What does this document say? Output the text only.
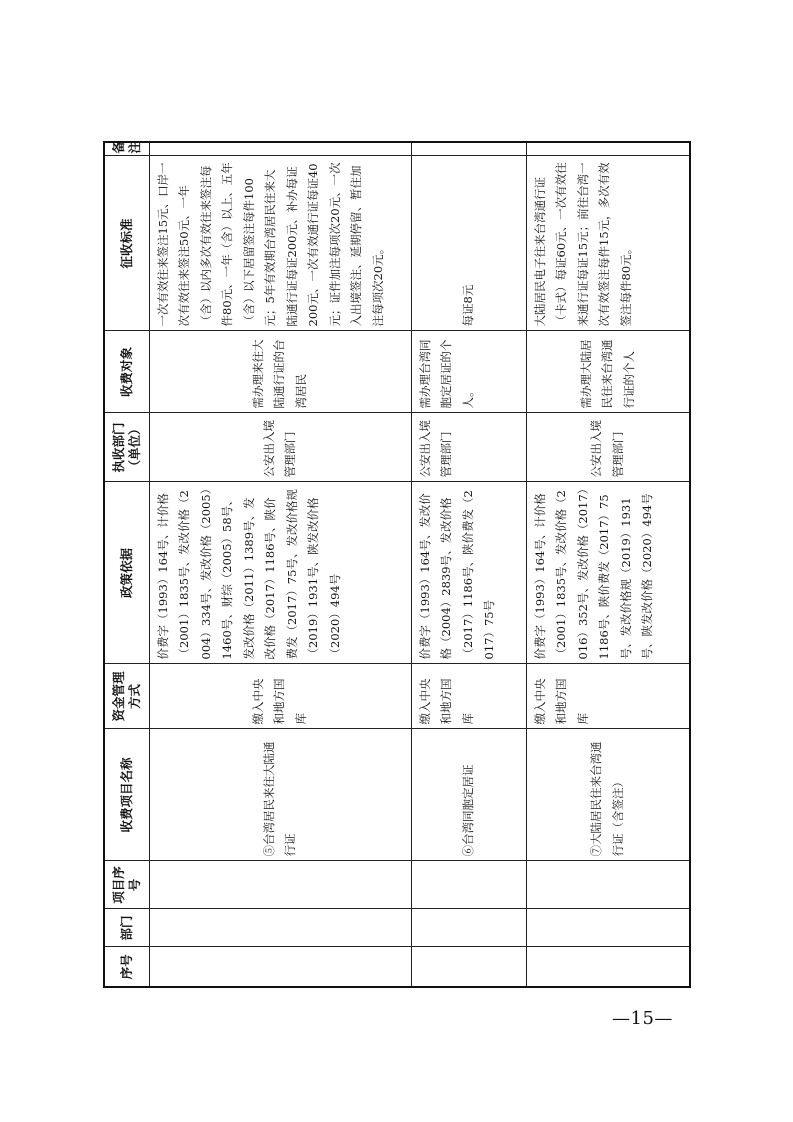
序号	部门	项目序号	收费项目名称	资金管理方式	政策依据	执收部门（单位）	收费对象	征收标准	备　注
			⑤台湾居民来往大陆通行证	缴入中央和地方国库	价费字（1993）164号、计价格（2001）1835号、发改价格（2004）334号、发改价格（2005）1460号、财综（2005）58号、发改价格（2011）1389号、发改价格（2017）1186号、陕价费发（2017）75号、发改价格规（2019）1931号、陕发改价格（2020）494号	公安出入境管理部门	需办理来往大陆通行证的台湾居民	一次有效往来签注15元、口岸一次有效往来签注50元、一年（含）以内多次有效往来签注每件80元、一年（含）以上、五年（含）以下居留签注每件100元；5年有效期台湾居民往来大陆通行证每证200元、补办每证200元、一次有效通行证每证40元；证件加注每项次20元、一次入出境签注、延期停留、暂住加注每项次20元。	
			⑥台湾同胞定居证	缴入中央和地方国库	价费字（1993）164号、发改价格（2004）2839号、发改价格（2017）1186号、陕价费发（2017）75号	公安出入境管理部门	需办理台湾同胞定居证的个人。	每证8元	
			⑦大陆居民往来台湾通行证（含签注）	缴入中央和地方国库	价费字（1993）164号、计价格（2001）1835号、发改价格（2016）352号、发改价格（2017）1186号、陕价费发（2017）75号、发改价格规（2019）1931号、陕发改价格（2020）494号	公安出入境管理部门	需办理大陆居民往来台湾通行证的个人	大陆居民电子往来台湾通行证（卡式）每证60元、一次有效往来通行证每证15元；前往台湾一次有效签注每件15元，多次有效签注每件80元。	
—15—
